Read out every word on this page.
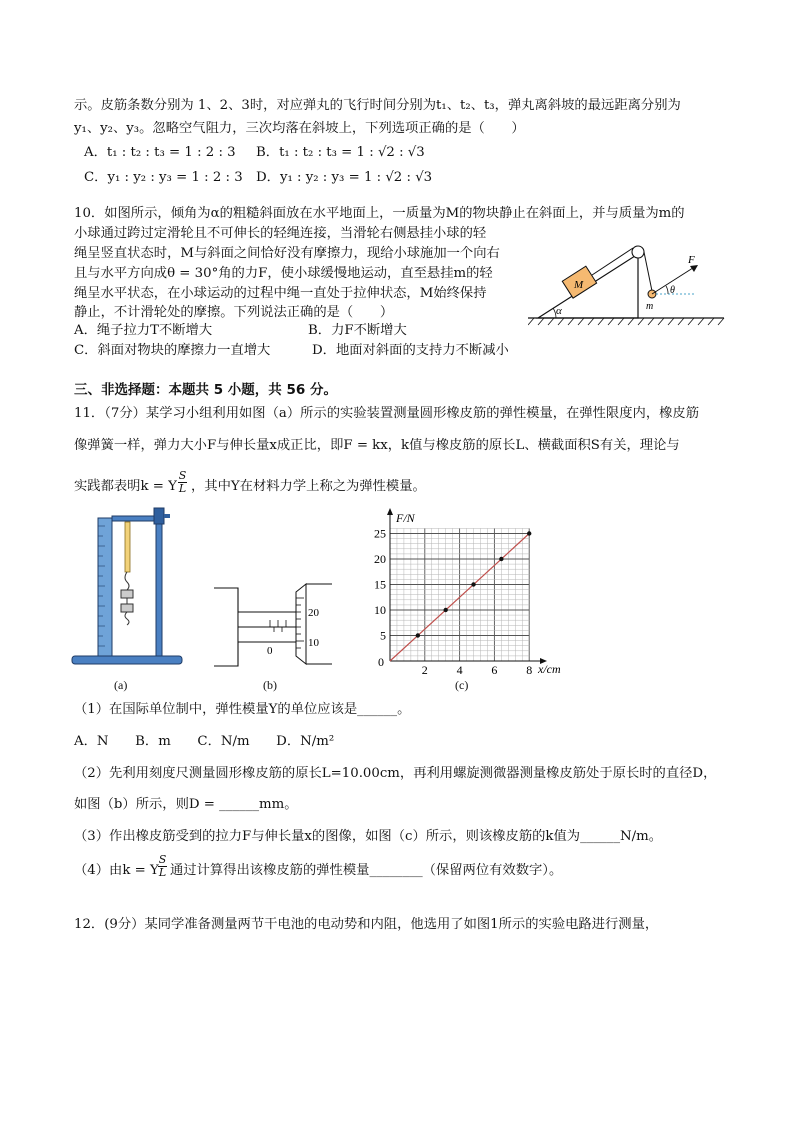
示。皮筋条数分别为 1、2、3时，对应弹丸的飞行时间分别为t₁、t₂、t₃，弹丸离斜坡的最远距离分别为
y₁、y₂、y₃。忽略空气阻力，三次均落在斜坡上，下列选项正确的是（　　）
A．t₁ : t₂ : t₃ = 1 : 2 : 3 B．t₁ : t₂ : t₃ = 1 : √2 : √3
C．y₁ : y₂ : y₃ = 1 : 2 : 3 D．y₁ : y₂ : y₃ = 1 : √2 : √3
10．如图所示，倾角为α的粗糙斜面放在水平地面上，一质量为M的物块静止在斜面上，并与质量为m的
小球通过跨过定滑轮且不可伸长的轻绳连接，当滑轮右侧悬挂小球的轻
绳呈竖直状态时，M与斜面之间恰好没有摩擦力，现给小球施加一个向右
且与水平方向成θ = 30°角的力F，使小球缓慢地运动，直至悬挂m的轻
绳呈水平状态，在小球运动的过程中绳一直处于拉伸状态，M始终保持
静止，不计滑轮处的摩擦。下列说法正确的是（　　）
A．绳子拉力T不断增大	B．力F不断增大
C．斜面对物块的摩擦力一直增大	D．地面对斜面的支持力不断减小
α
M
m
F
θ
三、非选择题：本题共 5 小题，共 56 分。
11．（7分）某学习小组利用如图（a）所示的实验装置测量圆形橡皮筋的弹性模量，在弹性限度内，橡皮筋
像弹簧一样，弹力大小F与伸长量x成正比，即F = kx，k值与橡皮筋的原长L、横截面积S有关，理论与
实践都表明k = Y
S
L ，其中Y在材料力学上称之为弹性模量。
(a)
0
20
10
(b)
2 4 6 8
5
10
15
20
25
F/N
x/cm
0
(c)
（1）在国际单位制中，弹性模量Y的单位应该是______。
A．N　　B．m　　C．N/m　　D．N/m²
（2）先利用刻度尺测量圆形橡皮筋的原长L=10.00cm，再利用螺旋测微器测量橡皮筋处于原长时的直径D，
如图（b）所示，则D = ______mm。
（3）作出橡皮筋受到的拉力F与伸长量x的图像，如图（c）所示，则该橡皮筋的k值为______N/m。
（4）由k = Y
S
L 通过计算得出该橡皮筋的弹性模量________（保留两位有效数字）。
12．(9分）某同学准备测量两节干电池的电动势和内阻，他选用了如图1所示的实验电路进行测量，
